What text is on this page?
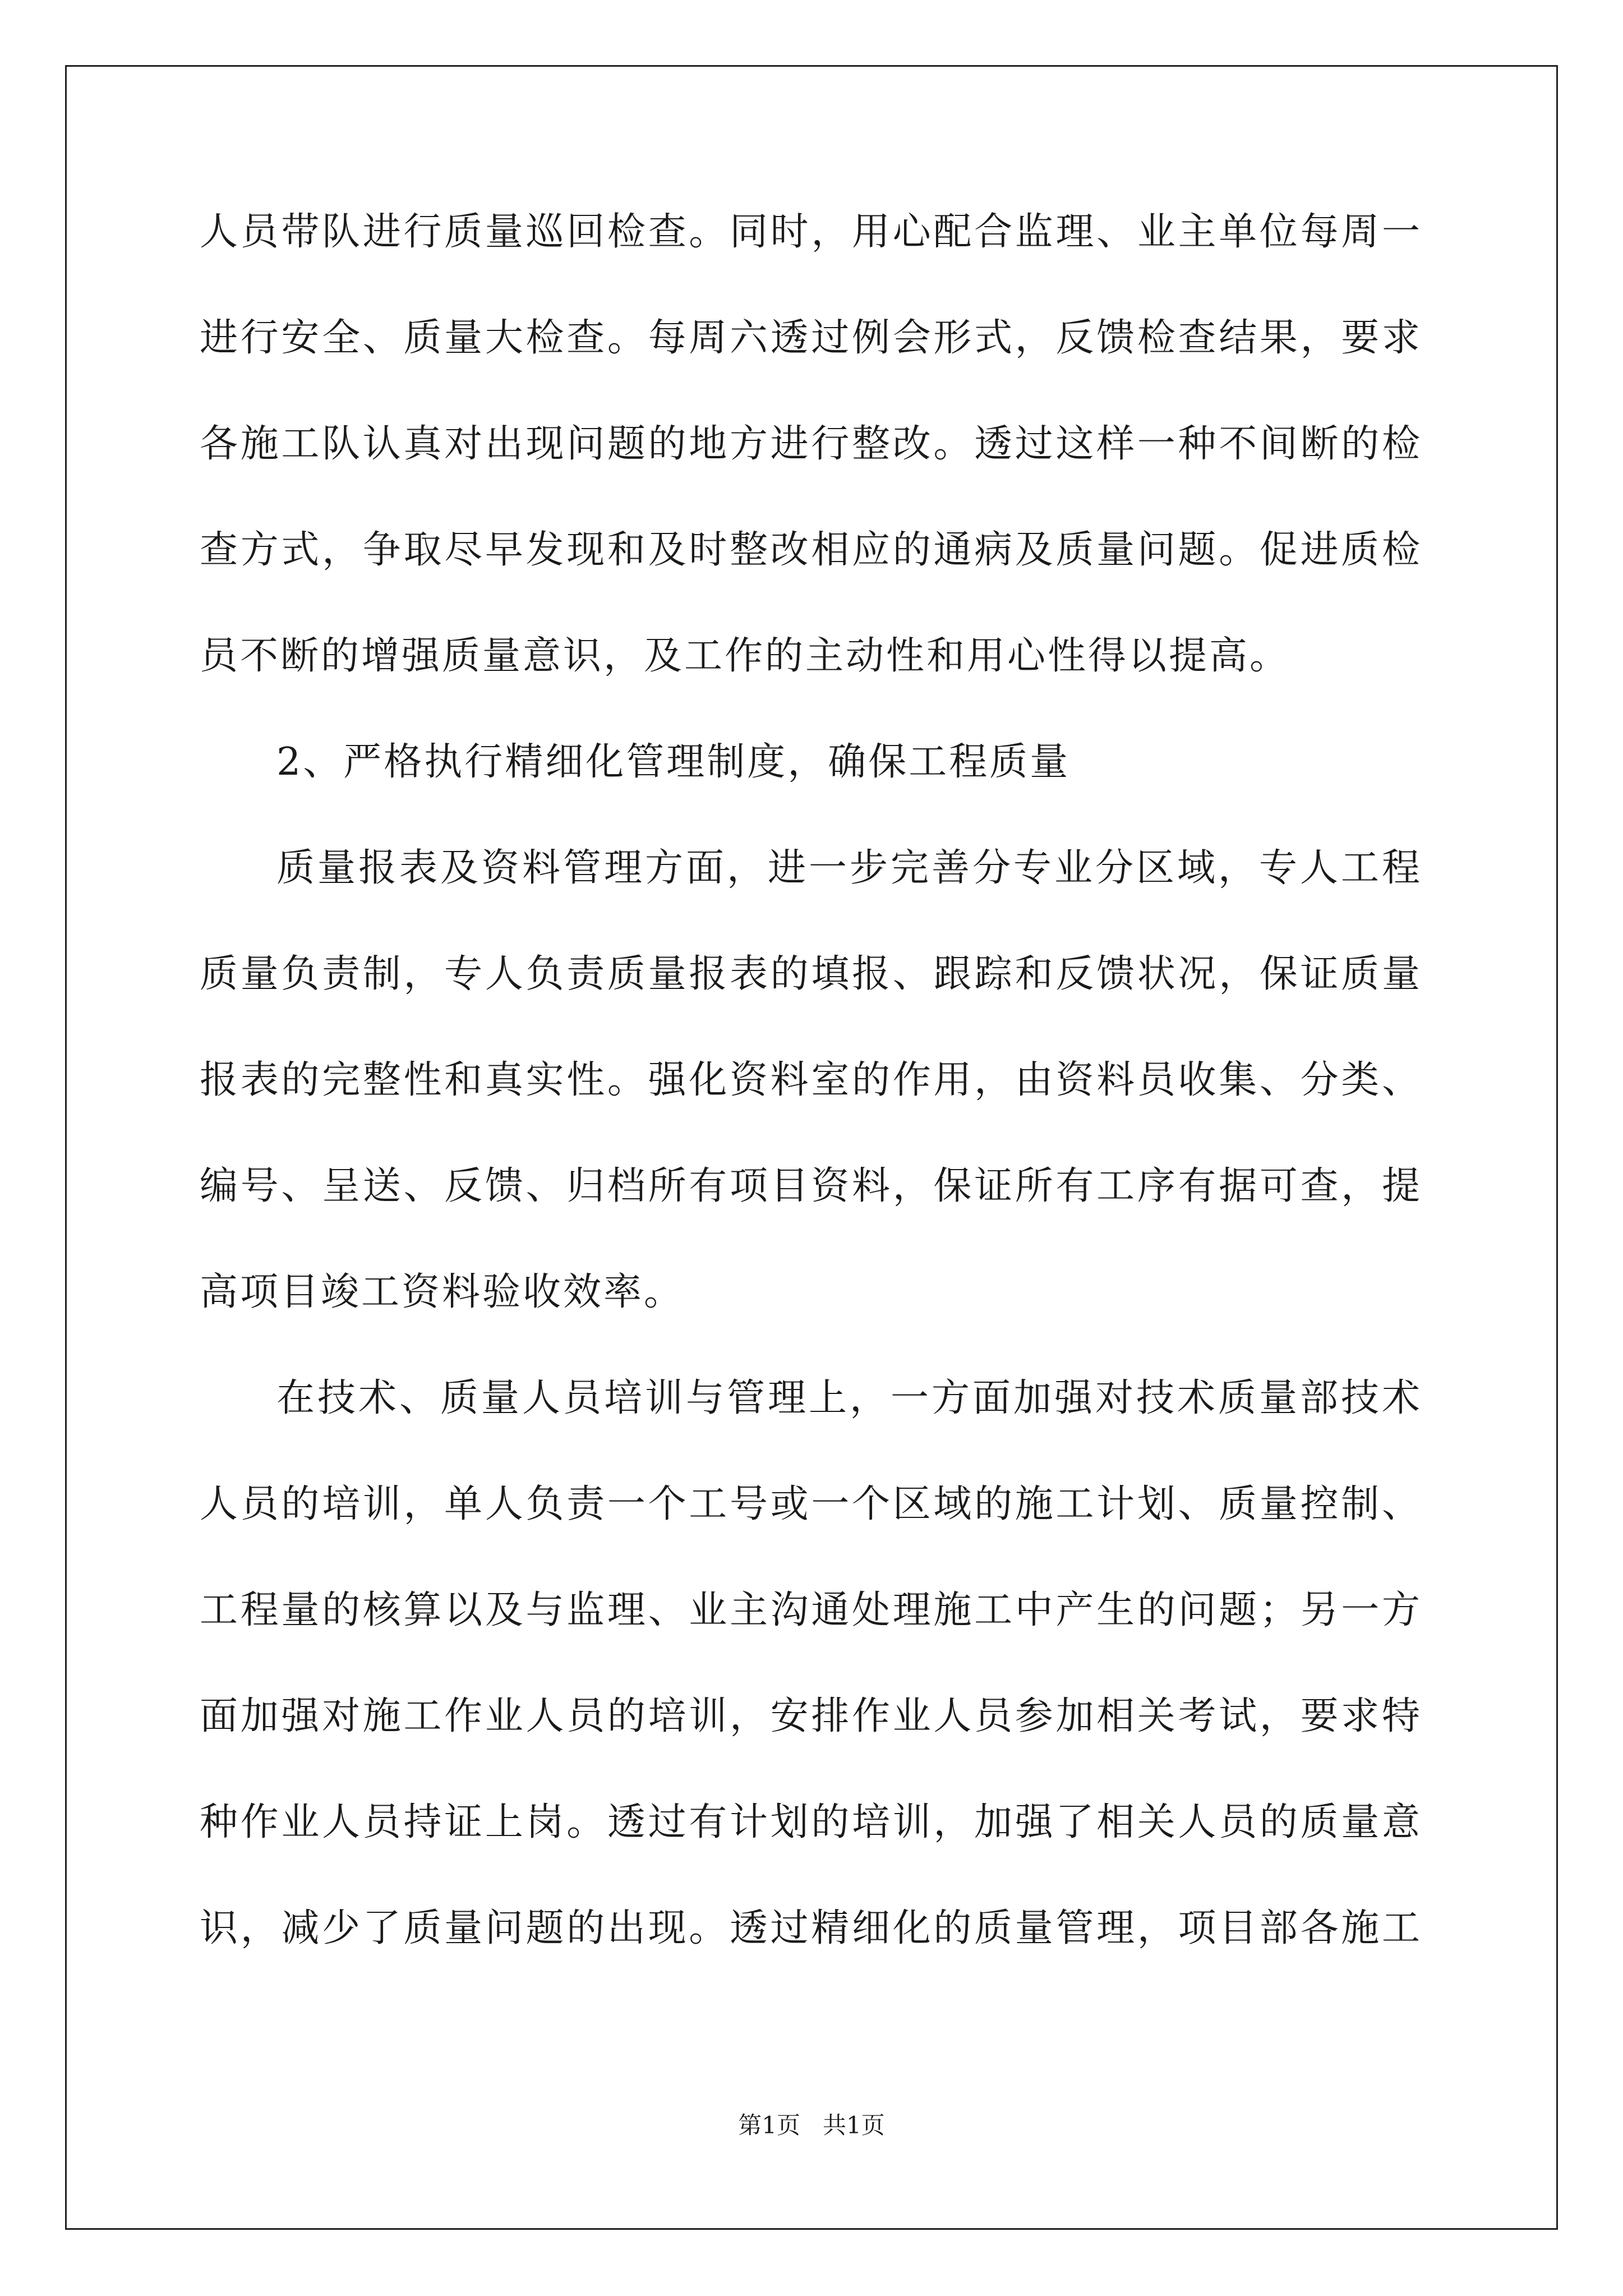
人员带队进行质量巡回检查。同时，用心配合监理、业主单位每周一
进行安全、质量大检查。每周六透过例会形式，反馈检查结果，要求
各施工队认真对出现问题的地方进行整改。透过这样一种不间断的检
查方式，争取尽早发现和及时整改相应的通病及质量问题。促进质检
员不断的增强质量意识，及工作的主动性和用心性得以提高。
2、严格执行精细化管理制度，确保工程质量
质量报表及资料管理方面，进一步完善分专业分区域，专人工程
质量负责制，专人负责质量报表的填报、跟踪和反馈状况，保证质量
报表的完整性和真实性。强化资料室的作用，由资料员收集、分类、
编号、呈送、反馈、归档所有项目资料，保证所有工序有据可查，提
高项目竣工资料验收效率。
在技术、质量人员培训与管理上，一方面加强对技术质量部技术
人员的培训，单人负责一个工号或一个区域的施工计划、质量控制、
工程量的核算以及与监理、业主沟通处理施工中产生的问题；另一方
面加强对施工作业人员的培训，安排作业人员参加相关考试，要求特
种作业人员持证上岗。透过有计划的培训，加强了相关人员的质量意
识，减少了质量问题的出现。透过精细化的质量管理，项目部各施工
第1页   共1页
